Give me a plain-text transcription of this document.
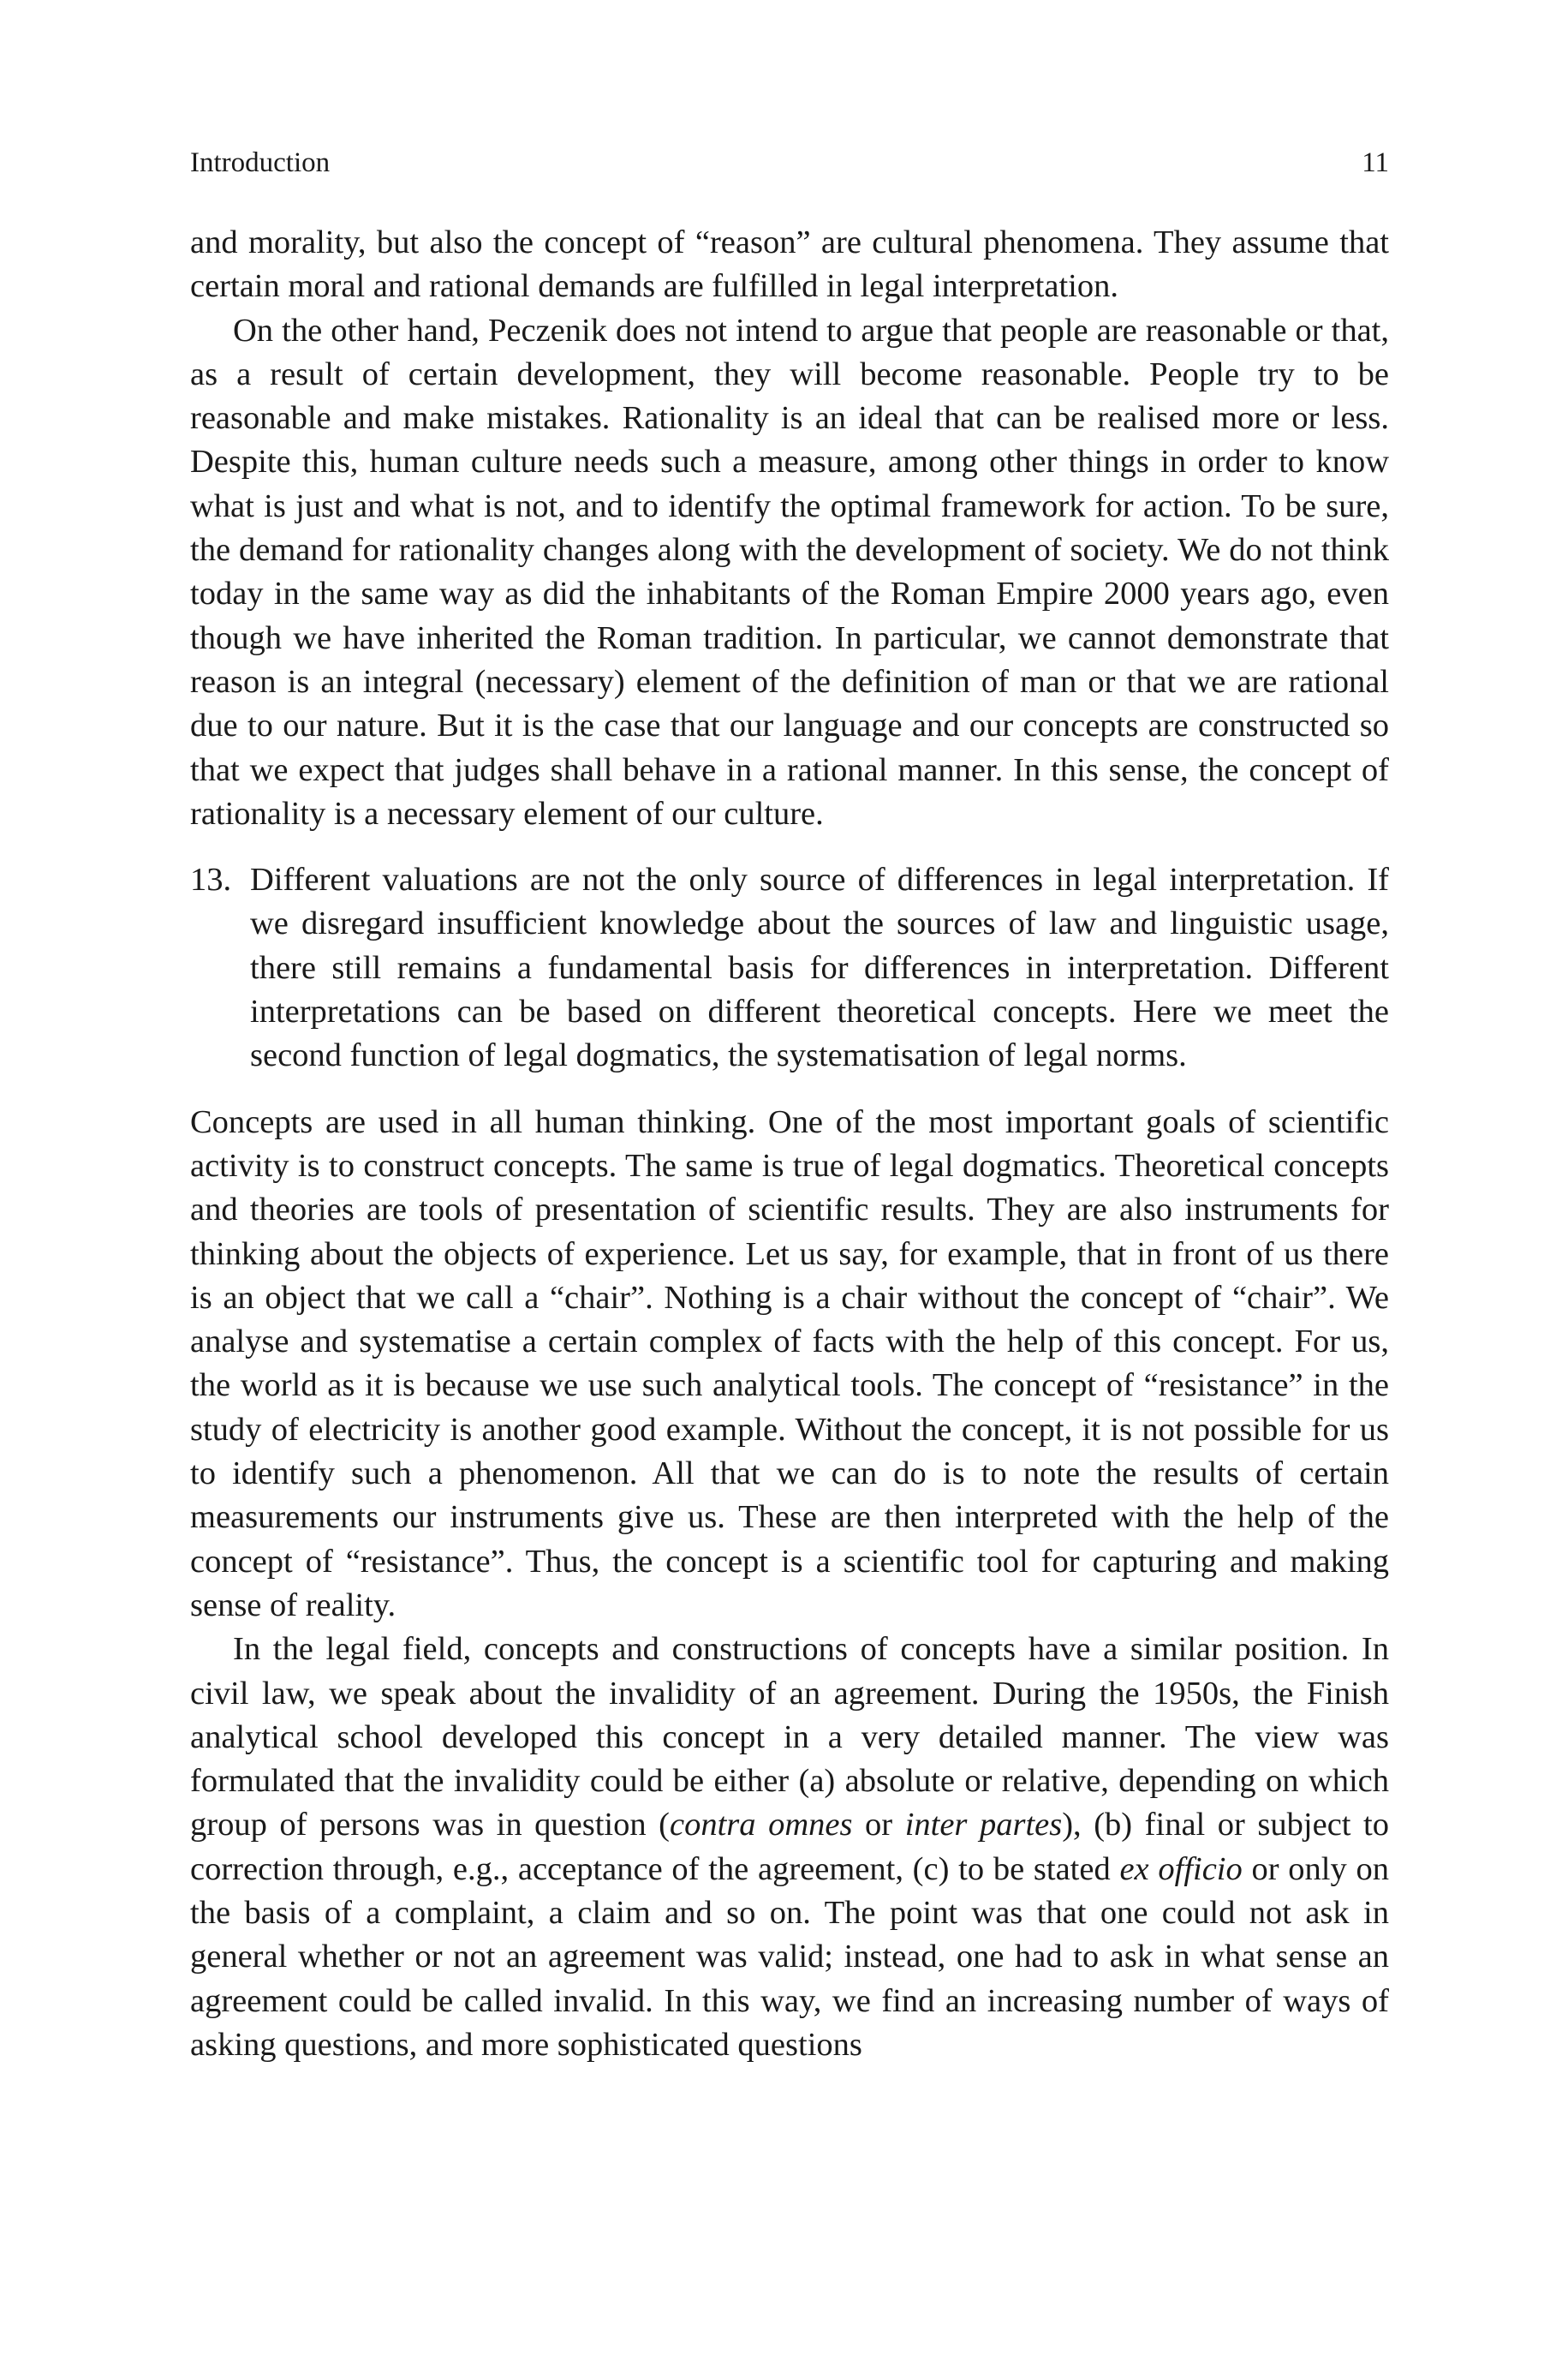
Introduction	11

and morality, but also the concept of “reason” are cultural phenomena. They assume that certain moral and rational demands are fulfilled in legal interpretation.

On the other hand, Peczenik does not intend to argue that people are reasonable or that, as a result of certain development, they will become reasonable. People try to be reasonable and make mistakes. Rationality is an ideal that can be realised more or less. Despite this, human culture needs such a measure, among other things in order to know what is just and what is not, and to identify the optimal framework for action. To be sure, the demand for rationality changes along with the development of society. We do not think today in the same way as did the inhabitants of the Roman Empire 2000 years ago, even though we have inherited the Roman tradition. In particular, we cannot demonstrate that reason is an integral (necessary) element of the definition of man or that we are rational due to our nature. But it is the case that our language and our concepts are constructed so that we expect that judges shall behave in a rational manner. In this sense, the concept of rationality is a necessary element of our culture.

13. Different valuations are not the only source of differences in legal interpretation. If we disregard insufficient knowledge about the sources of law and linguistic usage, there still remains a fundamental basis for differences in interpretation. Different interpretations can be based on different theoretical concepts. Here we meet the second function of legal dogmatics, the systematisation of legal norms.

Concepts are used in all human thinking. One of the most important goals of scientific activity is to construct concepts. The same is true of legal dogmatics. Theoretical concepts and theories are tools of presentation of scientific results. They are also instruments for thinking about the objects of experience. Let us say, for example, that in front of us there is an object that we call a “chair”. Nothing is a chair without the concept of “chair”. We analyse and systematise a certain complex of facts with the help of this concept. For us, the world as it is because we use such analytical tools. The concept of “resistance” in the study of electricity is another good example. Without the concept, it is not possible for us to identify such a phenomenon. All that we can do is to note the results of certain measurements our instruments give us. These are then interpreted with the help of the concept of “resistance”. Thus, the concept is a scientific tool for capturing and making sense of reality.

In the legal field, concepts and constructions of concepts have a similar position. In civil law, we speak about the invalidity of an agreement. During the 1950s, the Finish analytical school developed this concept in a very detailed manner. The view was formulated that the invalidity could be either (a) absolute or relative, depending on which group of persons was in question (contra omnes or inter partes), (b) final or subject to correction through, e.g., acceptance of the agreement, (c) to be stated ex officio or only on the basis of a complaint, a claim and so on. The point was that one could not ask in general whether or not an agreement was valid; instead, one had to ask in what sense an agreement could be called invalid. In this way, we find an increasing number of ways of asking questions, and more sophisticated questions
